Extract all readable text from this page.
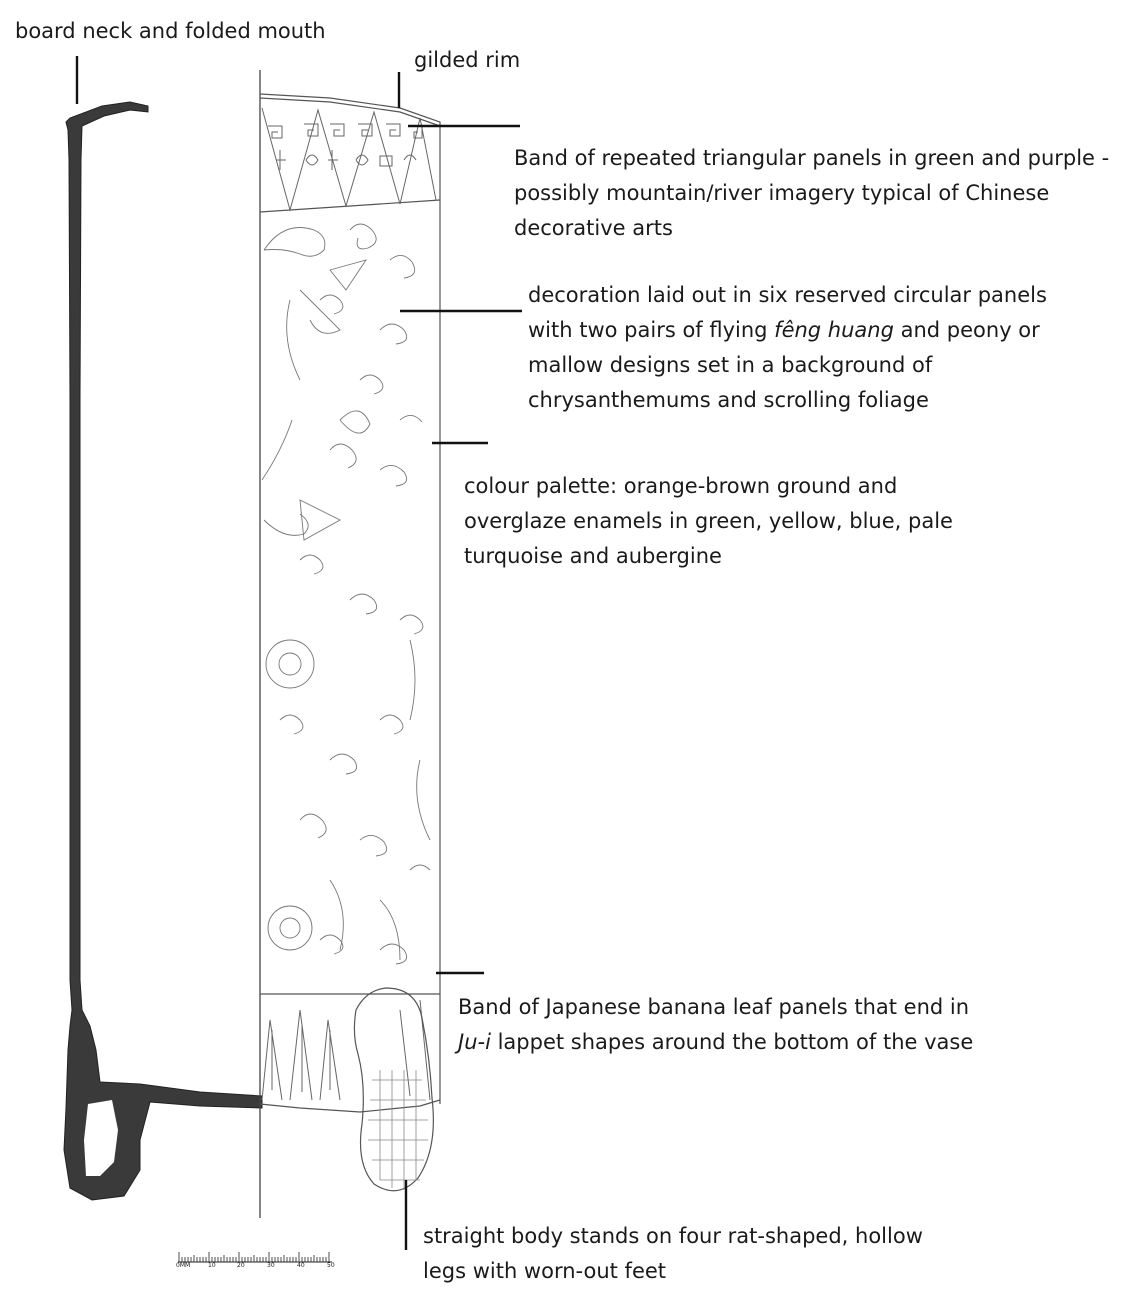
board neck and folded mouth
gilded rim
Band of repeated triangular panels in green and purple -
possibly mountain/river imagery typical of Chinese
decorative arts
decoration laid out in six reserved circular panels
with two pairs of flying fêng huang and peony or
mallow designs set in a background of
chrysanthemums and scrolling foliage
colour palette: orange-brown ground and
overglaze enamels in green, yellow, blue, pale
turquoise and aubergine
Band of Japanese banana leaf panels that end in
Ju-i lappet shapes around the bottom of the vase
straight body stands on four rat-shaped, hollow
legs with worn-out feet
0MM	10	20	30	40	50
